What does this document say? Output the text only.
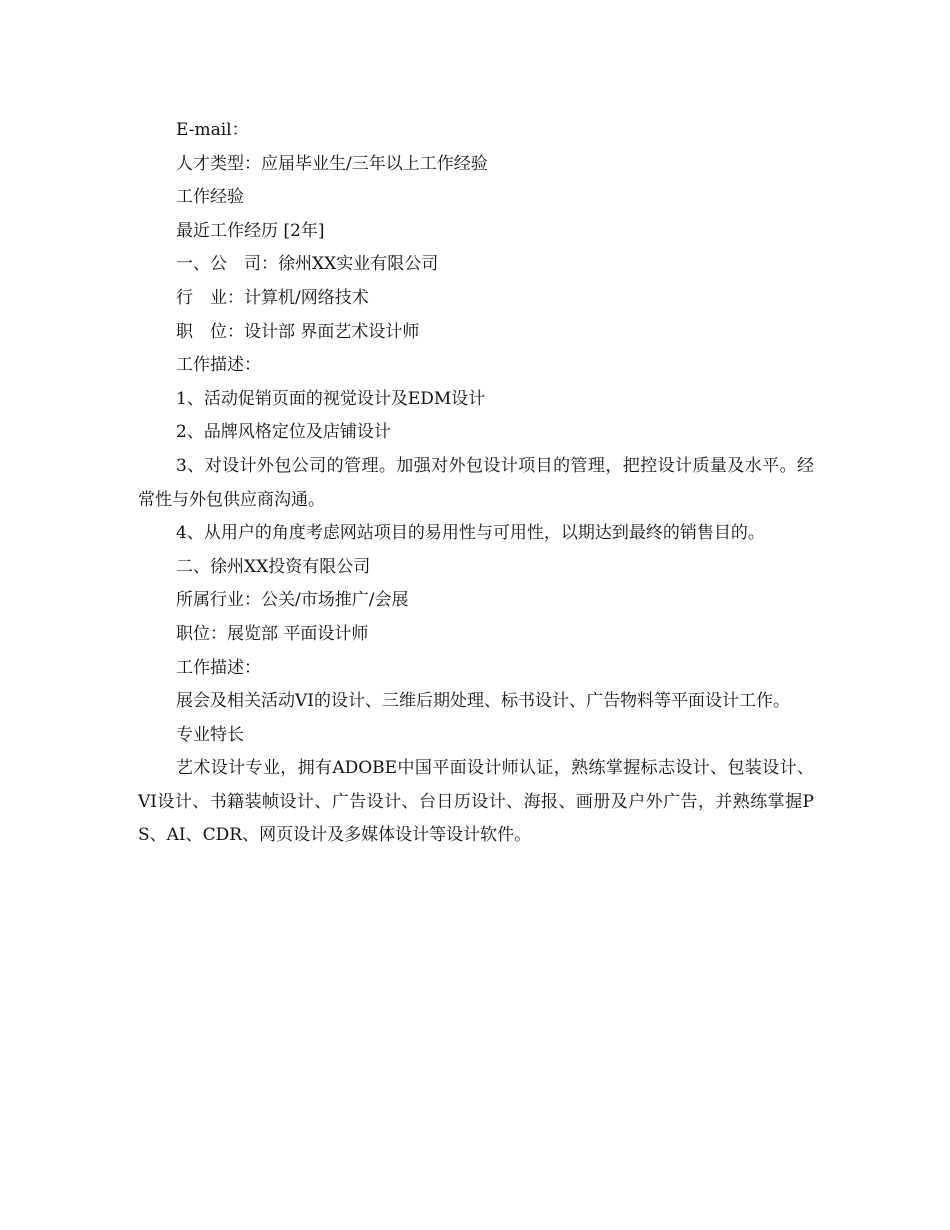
E-mail：

人才类型：应届毕业生/三年以上工作经验

工作经验

最近工作经历 [2年]

一、公　司：徐州XX实业有限公司

行　业：计算机/网络技术

职　位：设计部 界面艺术设计师

工作描述：

1、活动促销页面的视觉设计及EDM设计

2、品牌风格定位及店铺设计

3、对设计外包公司的管理。加强对外包设计项目的管理，把控设计质量及水平。经常性与外包供应商沟通。

4、从用户的角度考虑网站项目的易用性与可用性，以期达到最终的销售目的。

二、徐州XX投资有限公司

所属行业：公关/市场推广/会展

职位：展览部 平面设计师

工作描述：

展会及相关活动VI的设计、三维后期处理、标书设计、广告物料等平面设计工作。

专业特长

艺术设计专业，拥有ADOBE中国平面设计师认证，熟练掌握标志设计、包装设计、VI设计、书籍装帧设计、广告设计、台日历设计、海报、画册及户外广告，并熟练掌握PS、AI、CDR、网页设计及多媒体设计等设计软件。
